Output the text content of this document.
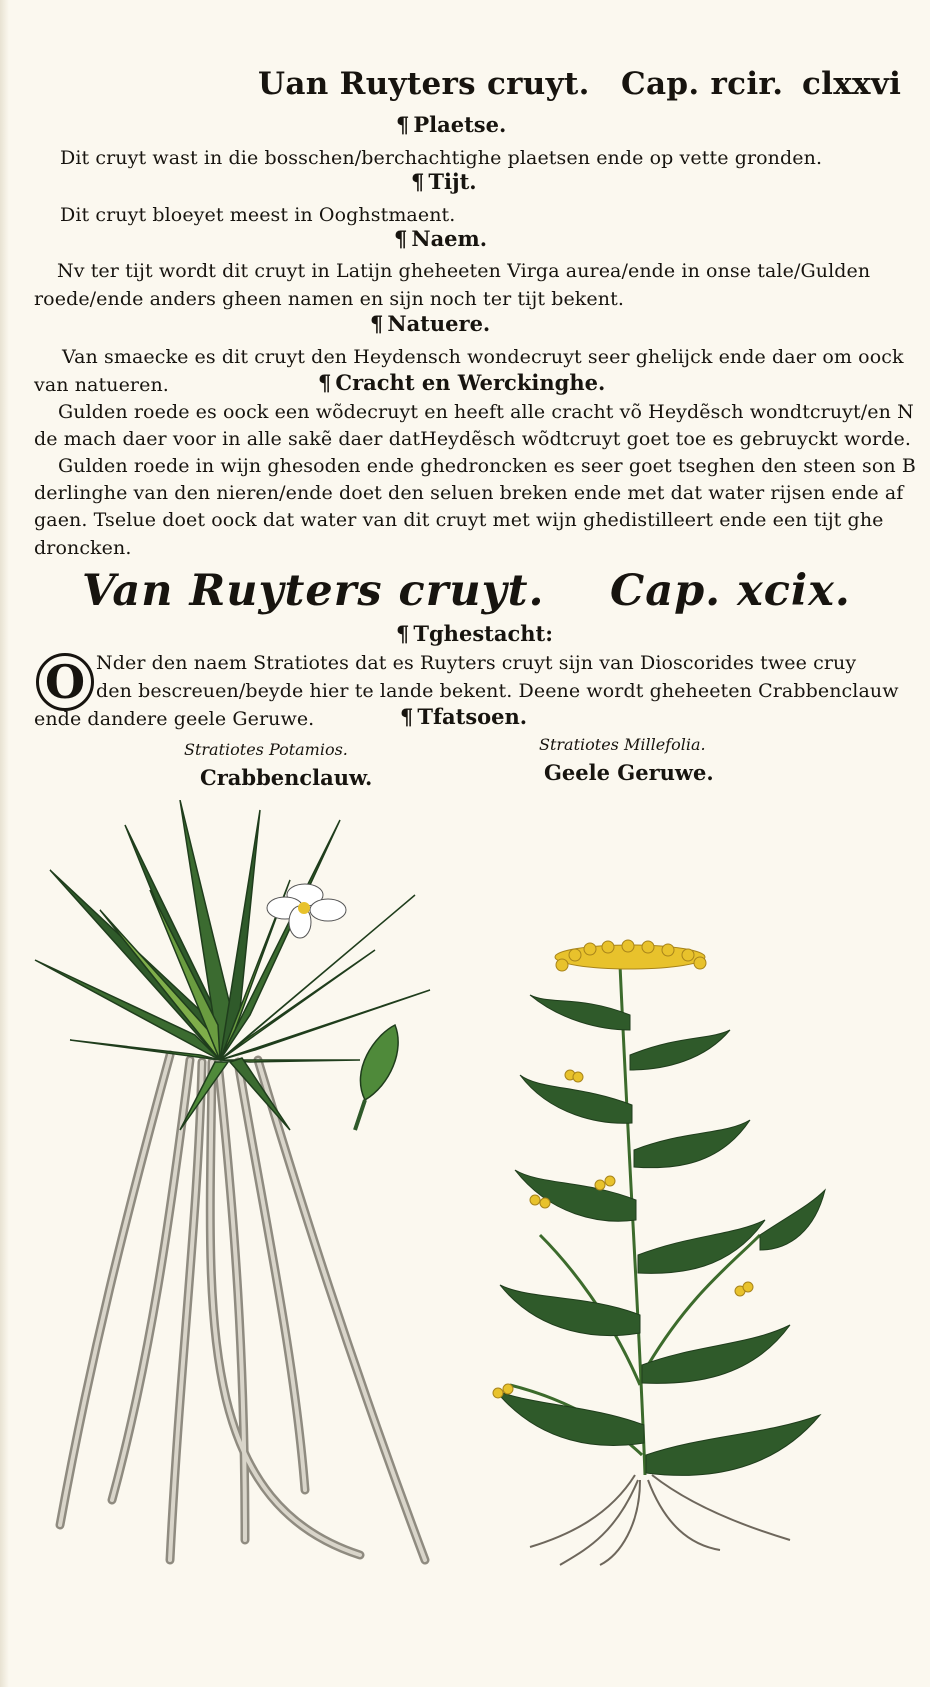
Uan Ruyters cruyt. Cap. rcir. clxxvi
¶ Plaetse.
Dit cruyt wast in die bosschen/berchachtighe plaetsen ende op vette gronden.
¶ Tijt.
Dit cruyt bloeyet meest in Ooghstmaent.
¶ Naem.
Nv ter tijt wordt dit cruyt in Latijn gheheeten Virga aurea/ende in onse tale/Gulden
roede/ende anders gheen namen en sijn noch ter tijt bekent.
¶ Natuere.
Van smaecke es dit cruyt den Heydensch wondecruyt seer ghelijck ende daer om oock
van natueren.	¶ Cracht en Werckinghe.
Gulden roede es oock een wõdecruyt en heeft alle cracht võ Heydẽsch wondtcruyt/en N
de mach daer voor in alle sakẽ daer datHeydẽsch wõdtcruyt goet toe es gebruyckt worde.
Gulden roede in wijn ghesoden ende ghedroncken es seer goet tseghen den steen son B
derlinghe van den nieren/ende doet den seluen breken ende met dat water rijsen ende af
gaen. Tselue doet oock dat water van dit cruyt met wijn ghedistilleert ende een tijt ghe
droncken.
Van Ruyters cruyt. Cap. xcix.
¶ Tghestacht:
O Nder den naem Stratiotes dat es Ruyters cruyt sijn van Dioscorides twee cruy
den bescreuen/beyde hier te lande bekent. Deene wordt gheheeten Crabbenclauw
ende dandere geele Geruwe.	¶ Tfatsoen.
Stratiotes Potamios.
Crabbenclauw.
Stratiotes Millefolia.
Geele Geruwe.
